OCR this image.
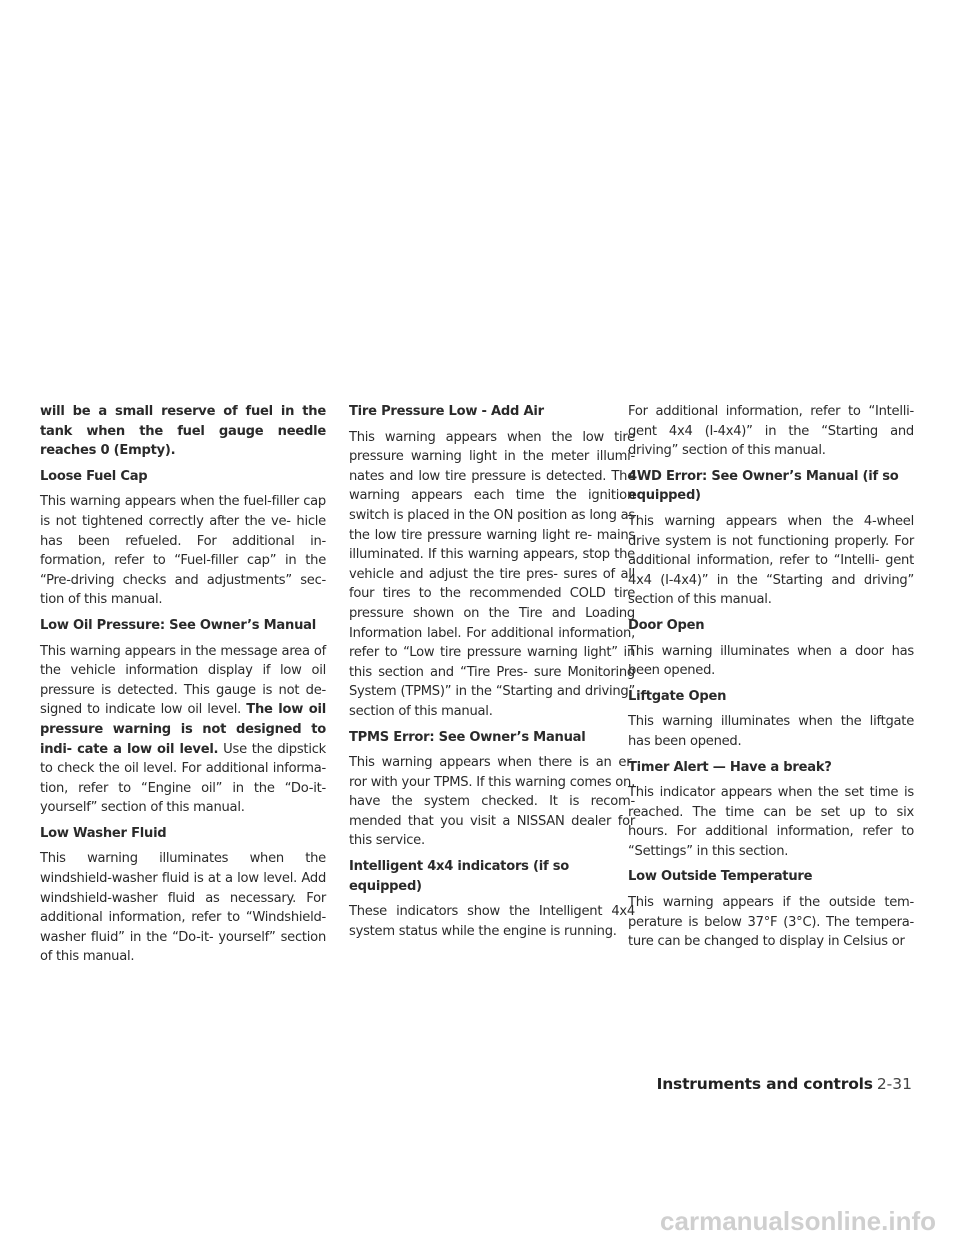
will be a small reserve of fuel in the tank when the fuel gauge needle reaches 0 (Empty).

Loose Fuel Cap

This warning appears when the fuel-filler cap is not tightened correctly after the ve- hicle has been refueled. For additional in- formation, refer to “Fuel-filler cap” in the “Pre-driving checks and adjustments” sec- tion of this manual.

Low Oil Pressure: See Owner’s Manual

This warning appears in the message area of the vehicle information display if low oil pressure is detected. This gauge is not de- signed to indicate low oil level. The low oil pressure warning is not designed to indi- cate a low oil level. Use the dipstick to check the oil level. For additional informa- tion, refer to “Engine oil” in the “Do-it- yourself” section of this manual.

Low Washer Fluid

This warning illuminates when the windshield-washer fluid is at a low level. Add windshield-washer fluid as necessary. For additional information, refer to “Windshield-washer fluid” in the “Do-it- yourself” section of this manual.

Tire Pressure Low - Add Air

This warning appears when the low tire pressure warning light in the meter illumi- nates and low tire pressure is detected. The warning appears each time the ignition switch is placed in the ON position as long as the low tire pressure warning light re- mains illuminated. If this warning appears, stop the vehicle and adjust the tire pres- sures of all four tires to the recommended COLD tire pressure shown on the Tire and Loading Information label. For additional information, refer to “Low tire pressure warning light” in this section and “Tire Pres- sure Monitoring System (TPMS)” in the “Starting and driving” section of this manual.

TPMS Error: See Owner’s Manual

This warning appears when there is an er- ror with your TPMS. If this warning comes on, have the system checked. It is recom- mended that you visit a NISSAN dealer for this service.

Intelligent 4x4 indicators (if so equipped)

These indicators show the Intelligent 4x4 system status while the engine is running.

For additional information, refer to “Intelli- gent 4x4 (I-4x4)” in the “Starting and driving” section of this manual.

4WD Error: See Owner’s Manual (if so equipped)

This warning appears when the 4-wheel drive system is not functioning properly. For additional information, refer to “Intelli- gent 4x4 (I-4x4)” in the “Starting and driving” section of this manual.

Door Open

This warning illuminates when a door has been opened.

Liftgate Open

This warning illuminates when the liftgate has been opened.

Timer Alert — Have a break?

This indicator appears when the set time is reached. The time can be set up to six hours. For additional information, refer to “Settings” in this section.

Low Outside Temperature

This warning appears if the outside tem- perature is below 37°F (3°C). The tempera- ture can be changed to display in Celsius or

Instruments and controls 2-31
carmanualsonline.info
